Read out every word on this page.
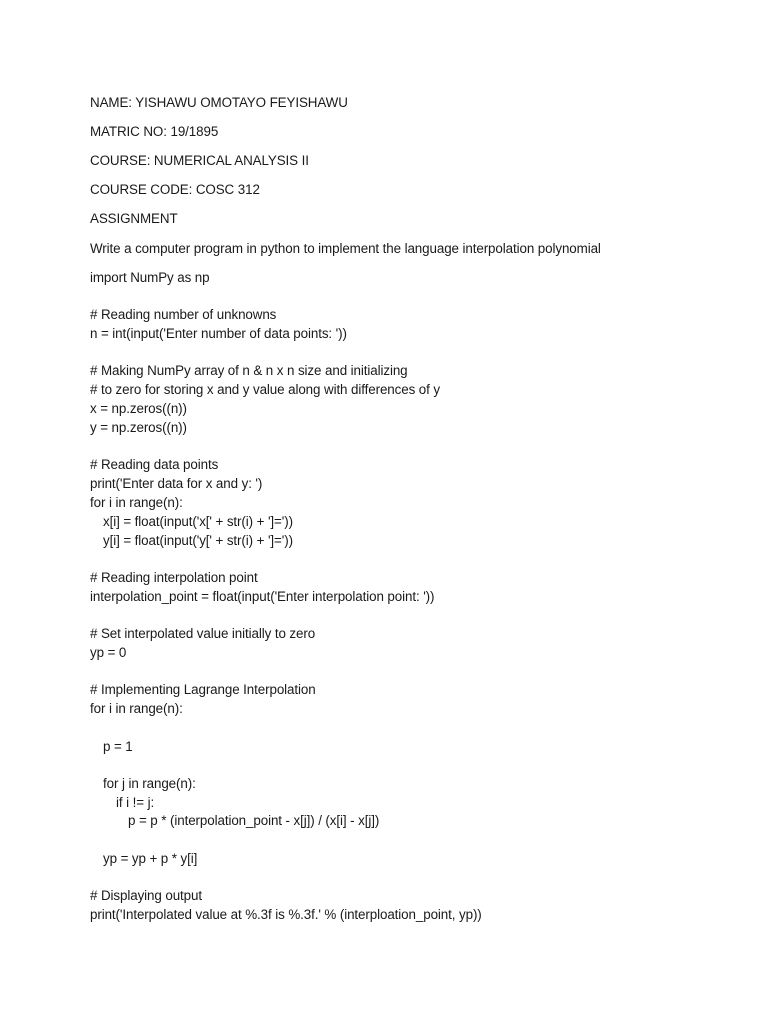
NAME: YISHAWU OMOTAYO FEYISHAWU
MATRIC NO: 19/1895
COURSE: NUMERICAL ANALYSIS II
COURSE CODE: COSC 312
ASSIGNMENT
Write a computer program in python to implement the language interpolation polynomial
import NumPy as np
# Reading number of unknowns
n = int(input('Enter number of data points: '))
# Making NumPy array of n & n x n size and initializing
# to zero for storing x and y value along with differences of y
x = np.zeros((n))
y = np.zeros((n))
# Reading data points
print('Enter data for x and y: ')
for i in range(n):
x[i] = float(input('x[' + str(i) + ']='))
y[i] = float(input('y[' + str(i) + ']='))
# Reading interpolation point
interpolation_point = float(input('Enter interpolation point: '))
# Set interpolated value initially to zero
yp = 0
# Implementing Lagrange Interpolation
for i in range(n):
p = 1
for j in range(n):
if i != j:
p = p * (interpolation_point - x[j]) / (x[i] - x[j])
yp = yp + p * y[i]
# Displaying output
print('Interpolated value at %.3f is %.3f.' % (interploation_point, yp))
